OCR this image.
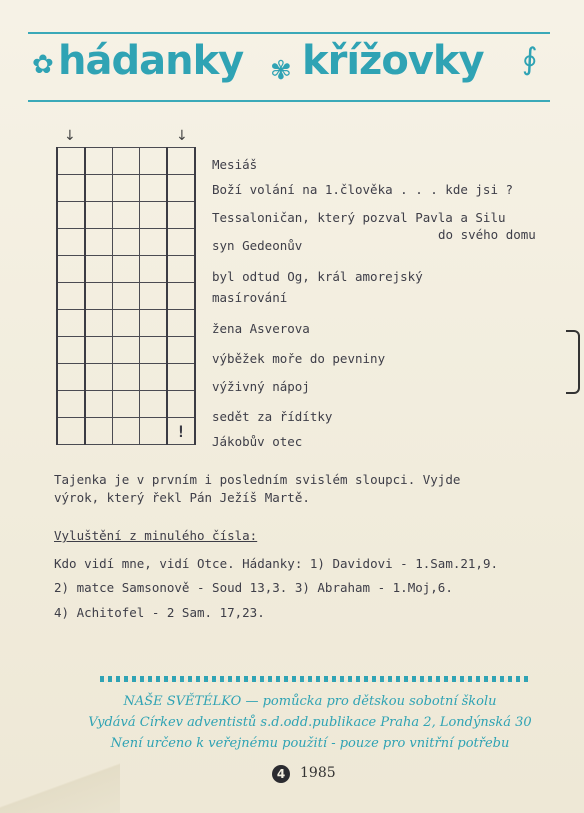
✿ hádanky ✾ křížovky ∮
↓	↓

				!
Mesiáš
Boží volání na 1.člověka . . . kde jsi ?
Tessaloničan, který pozval Pavla a Silu
do svého domu
syn Gedeonův
byl odtud Og, král amorejský
masírování
žena Asverova
výběžek moře do pevniny
výživný nápoj
sedět za řídítky
Jákobův otec
Tajenka je v prvním i posledním svislém sloupci. Vyjde
výrok, který řekl Pán Ježíš Martě.
Vyluštění z minulého čísla:
Kdo vidí mne, vidí Otce. Hádanky: 1) Davidovi - 1.Sam.21,9.
2) matce Samsonově - Soud 13,3. 3) Abraham - 1.Moj,6.
4) Achitofel - 2 Sam. 17,23.
NAŠE SVĚTÉLKO — pomůcka pro dětskou sobotní školu
Vydává Církev adventistů s.d.odd.publikace Praha 2, Londýnská 30
Není určeno k veřejnému použití - pouze pro vnitřní potřebu
4	1985
